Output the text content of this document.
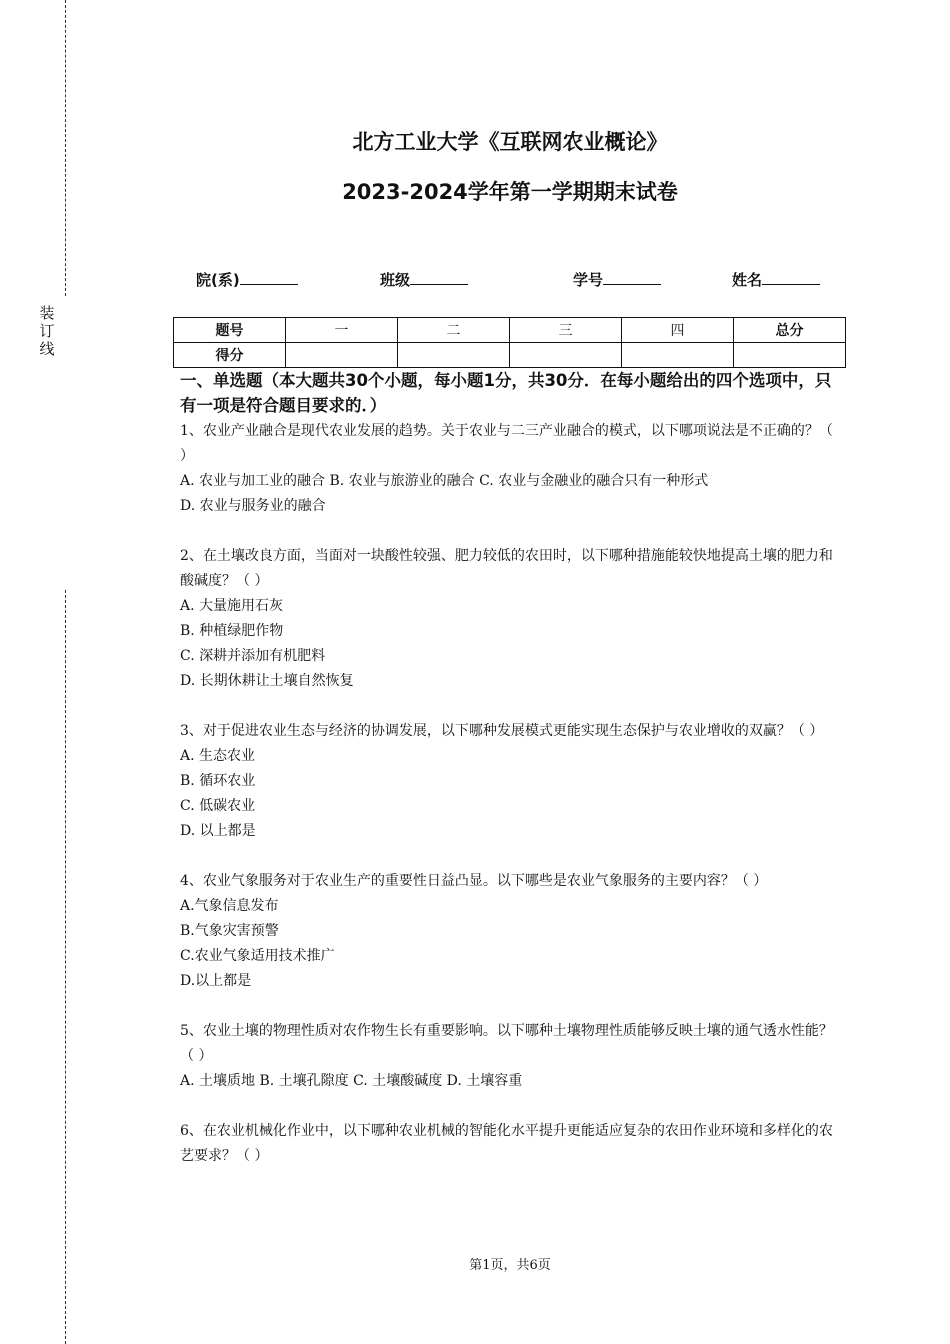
装
订
线
北方工业大学《互联网农业概论》
2023-2024学年第一学期期末试卷
院(系)	班级	学号	姓名
题号	一	二	三	四	总分
得分					

一、单选题（本大题共30个小题，每小题1分，共30分．在每小题给出的四个选项中，只有一项是符合题目要求的．）

1、农业产业融合是现代农业发展的趋势。关于农业与二三产业融合的模式，以下哪项说法是不正确的？（ ）

A. 农业与加工业的融合 B. 农业与旅游业的融合 C. 农业与金融业的融合只有一种形式

D. 农业与服务业的融合

2、在土壤改良方面，当面对一块酸性较强、肥力较低的农田时，以下哪种措施能较快地提高土壤的肥力和酸碱度？（ ）

A. 大量施用石灰

B. 种植绿肥作物

C. 深耕并添加有机肥料

D. 长期休耕让土壤自然恢复

3、对于促进农业生态与经济的协调发展，以下哪种发展模式更能实现生态保护与农业增收的双赢？（ ）

A. 生态农业

B. 循环农业

C. 低碳农业

D. 以上都是

4、农业气象服务对于农业生产的重要性日益凸显。以下哪些是农业气象服务的主要内容？（ ）

A.气象信息发布

B.气象灾害预警

C.农业气象适用技术推广

D.以上都是

5、农业土壤的物理性质对农作物生长有重要影响。以下哪种土壤物理性质能够反映土壤的通气透水性能？（ ）

A. 土壤质地 B. 土壤孔隙度 C. 土壤酸碱度 D. 土壤容重

6、在农业机械化作业中，以下哪种农业机械的智能化水平提升更能适应复杂的农田作业环境和多样化的农艺要求？（ ）

第1页，共6页
